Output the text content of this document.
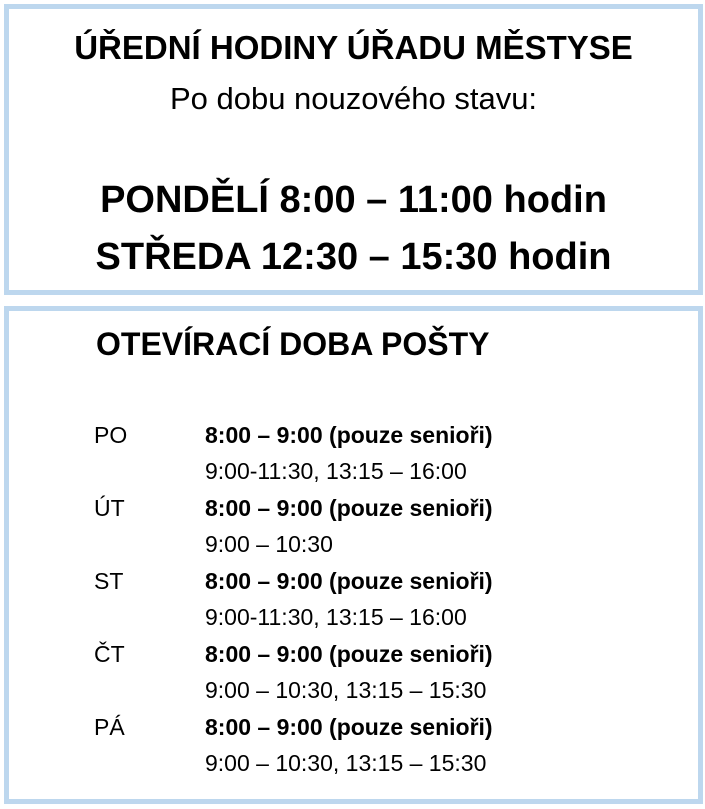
ÚŘEDNÍ HODINY ÚŘADU MĚSTYSE
Po dobu nouzového stavu:
PONDĚLÍ 8:00 – 11:00 hodin
STŘEDA 12:30 – 15:30 hodin
OTEVÍRACÍ DOBA POŠTY
PO	8:00 – 9:00 (pouze senioři)
9:00-11:30, 13:15 – 16:00
ÚT	8:00 – 9:00 (pouze senioři)
9:00 – 10:30
ST	8:00 – 9:00 (pouze senioři)
9:00-11:30, 13:15 – 16:00
ČT	8:00 – 9:00 (pouze senioři)
9:00 – 10:30, 13:15 – 15:30
PÁ	8:00 – 9:00 (pouze senioři)
9:00 – 10:30, 13:15 – 15:30
